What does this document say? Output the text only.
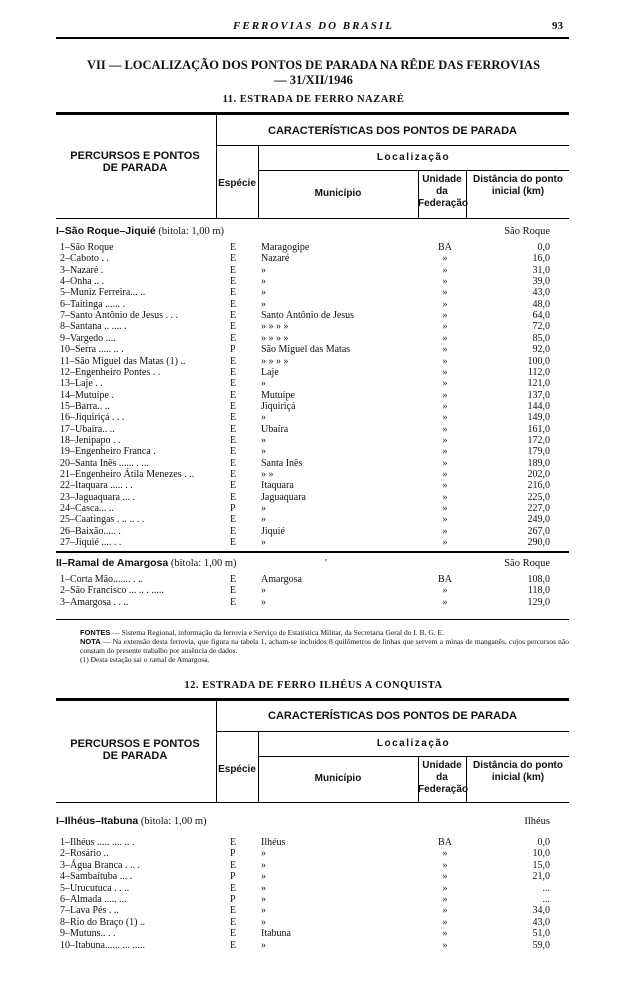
FERROVIAS DO BRASIL	93
VII — LOCALIZAÇÃO DOS PONTOS DE PARADA NA RÊDE DAS FERROVIAS
— 31/XII/1946
11. ESTRADA DE FERRO NAZARÉ
CARACTERÍSTICAS DOS PONTOS DE PARADA
PERCURSOS E PONTOS DE PARADA
Localização
Espécie
Município
Unidade da Federação
Distância do ponto inicial (km)
I–São Roque–Jiquié (bitola: 1,00 m)	São Roque
1–São Roque	E Maragogipe	BA	0,0
2–Caboto . .	E Nazaré	»	16,0
3–Nazaré .	E »	»	31,0
4–Onha .. .	E »	»	39,0
5–Muniz Ferreira... ..	E »	»	43,0
6–Taitinga ...... .	E »	»	48,0
7–Santo Antônio de Jesus . . .	E Santo Antônio de Jesus	»	64,0
8–Santana .. .... .	E » » » »	»	72,0
9–Vargedo ....	E » » » »	»	85,0
10–Serra ..... .. .	P	São Miguel das Matas	»	92,0
11–São Miguel das Matas (1) ..	E » » » »	»	100,0
12–Engenheiro Pontes . .	E Laje	»	112,0
13–Laje . .	E »	»	121,0
14–Mutuípe .	E Mutuípe	»	137,0
15–Barra.. ..	E Jiquiriçá	»	144,0
16–Jiquiriçá . . .	E »	»	149,0
17–Ubaíra.. ..	E Ubaíra	»	161,0
18–Jenipapo . .	E »	»	172,0
19–Engenheiro Franca .	E »	»	179,0
20–Santa Inês ...... . ...	E Santa Inês	»	189,0
21–Engenheiro Átila Menezes . ..	E » »	»	202,0
22–Itaquara ..... . .	E Itaquara	»	216,0
23–Jaguaquara ... .	E Jaguaquara	»	225,0
24–Casca... ..	P	»	»	227,0
25–Caatingas . .. .. . .	E »	»	249,0
26–Baixão..... .	E Jiquié	»	267,0
27–Jiquié .... . .	E »	»	290,0
II–Ramal de Amargosa (bitola: 1,00 m)	'	São Roque
1–Corta Mão....... . ..	E Amargosa	BA	108,0
2–São Francisco ... .. . .....	E »	»	118,0
3–Amargosa . . ..	E »	»	129,0
FONTES — Sistema Regional, informação da ferrovia e Serviço de Estatística Militar, da Secretaria Geral do I. B. G. E.
NOTA — Na extensão desta ferrovia, que figura na tabela 1, acham-se incluídos 8 quilômetros de linhas que servem a minas de manganês, cujos percursos não constam do presente trabalho por ausência de dados.
(1) Desta estação sai o ramal de Amargosa.
12. ESTRADA DE FERRO ILHÉUS A CONQUISTA
CARACTERÍSTICAS DOS PONTOS DE PARADA
PERCURSOS E PONTOS DE PARADA
Localização
Espécie
Município
Unidade da Federação
Distância do ponto inicial (km)
I–Ilhéus–Itabuna (bitola: 1,00 m)	Ilhéus
1–Ilhéus ..... .... .. .	E Ilhéus	BA	0,0
2–Rosário ..	P	»	»	10,0
3–Água Branca . .. .	E »	»	15,0
4–Sambaítuba ... .	P	»	»	21,0
5–Urucutuca . . ..	E »	»	...
6–Almada ..... ...	P	»	»	...
7–Lava Pés . ..	E »	»	34,0
8–Rio do Braço (1) ..	E »	»	43,0
9–Mutuns.. . .	E Itabuna	»	51,0
10–Itabuna...... ... .....	E »	»	59,0
